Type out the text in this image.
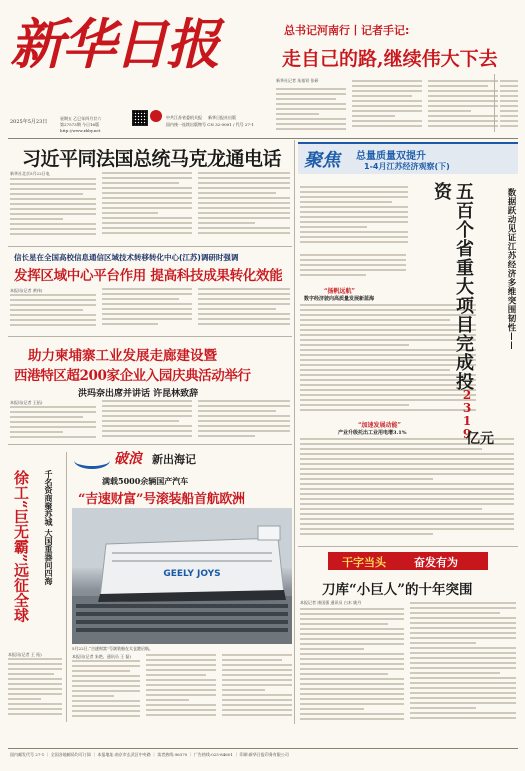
新华日报
2025年5月23日
星期五 乙巳年四月廿六
第27573期 今日16版
http://www.xhby.net
中共江苏省委机关报 新华日报社出版
国内统一连续出版物号 CN 32-0001 / 代号 27-1
总书记河南行丨记者手记:
走自己的路,继续伟大下去
新华社记者 朱基钗 张研
习近平同法国总统马克龙通电话
新华社北京5月22日电
聚焦 总量质量双提升
1-4月江苏经济观察(下)
“扬帆远航”
数字经济驶向高质量发展新蓝海
“加速发展动能”
产业升级托出工业用电增3.1%
数据跃动见证江苏经济多维突围韧性——
五百个省重大项目完成投资
2319
亿元
信长星在全国高校信息通信区域技术转移转化中心(江苏)调研时强调
发挥区域中心平台作用 提高科技成果转化效能
本报讯(记者 黄伟)
助力柬埔寨工业发展走廊建设暨
西港特区超200家企业入园庆典活动举行
洪玛奈出席并讲话 许昆林致辞
本报讯(记者 王拓)
千名资商聚苏城 大国重器问四海
徐工“巨无霸”远征全球
本报讯(记者 王 拓)
破浪 新出海记
满载5000余辆国产汽车
“吉速财富”号滚装船首航欧洲
GEELY JOYS
5月22日,“吉速财富”号滚装船在太仓港启航。
本报讯(记者 朱艳、通讯员 王 磊)
干字当头	奋发有为
刀库“小巨人”的十年突围
本报记者 康国强 通讯员 白木 姚丹
国内邮发代号 27-1 ｜ 全国各地邮局均可订阅 ｜ 本报地址:南京市玄武区中央路 ｜ 读者热线:96370 ｜ 广告热线:025-84601 ｜ 印刷:新华日报印务有限公司
